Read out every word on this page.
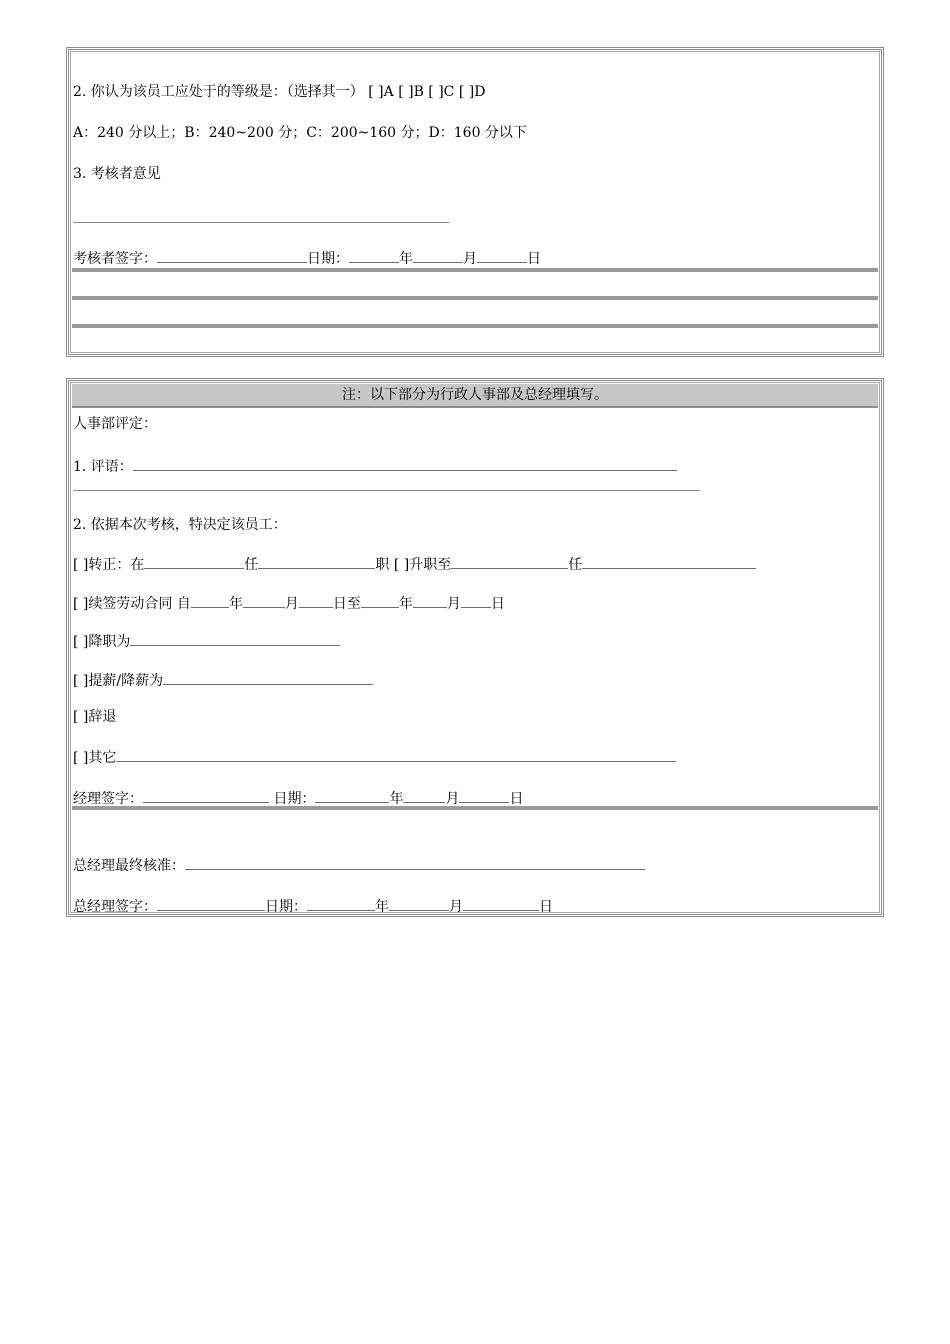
2. 你认为该员工应处于的等级是：（选择其一） [ ]A [ ]B [ ]C [ ]D
A：240 分以上；B：240~200 分；C：200~160 分；D：160 分以下
3. 考核者意见
考核者签字：	日期：	年	月	日
注：以下部分为行政人事部及总经理填写。
人事部评定：
1. 评语：
2. 依据本次考核，特决定该员工：
[ ]转正：在	任	职 [ ]升职至	任
[ ]续签劳动合同 自	年	月 日至	年 月 日
[ ]降职为
[ ]提薪/降薪为
[ ]辞退
[ ]其它
经理签字：	日期：	年	月	日
总经理最终核准：
总经理签字：	日期：	年	月	日
